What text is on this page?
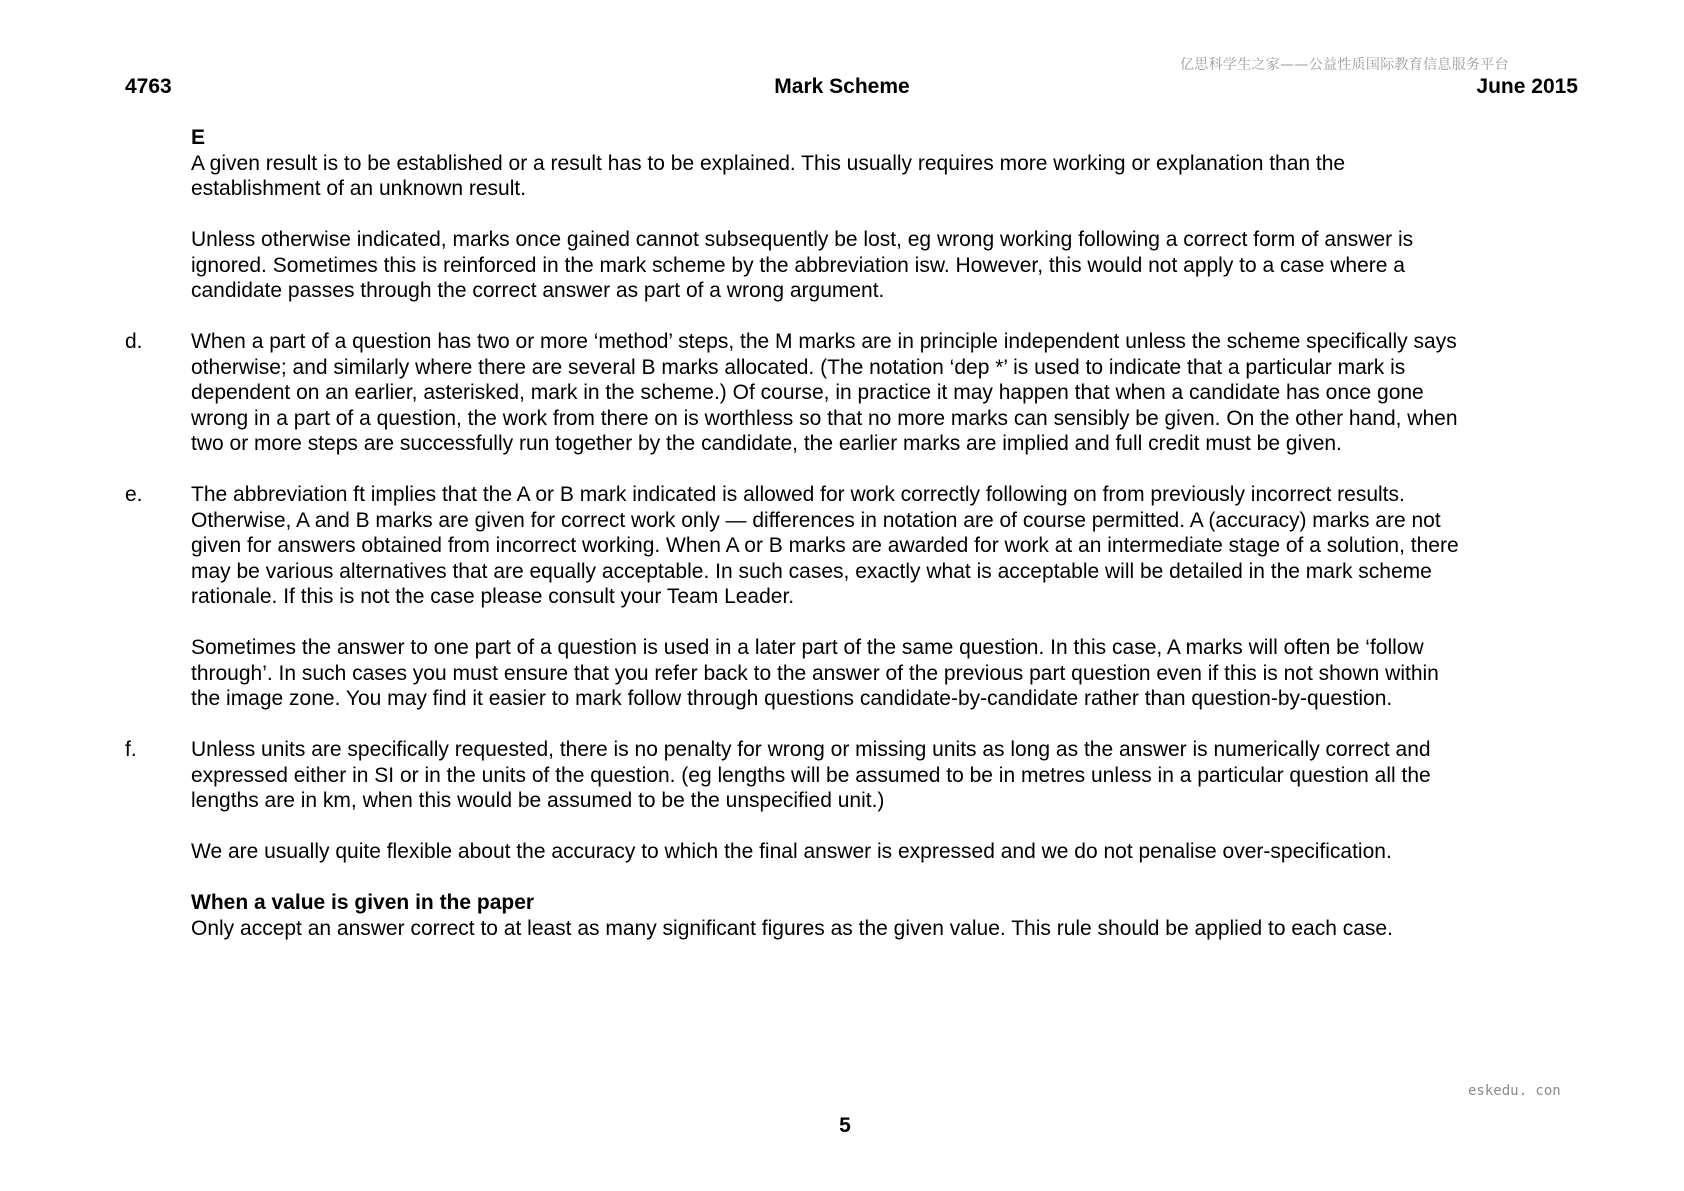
亿思科学生之家——公益性质国际教育信息服务平台
4763	Mark Scheme	June 2015
E
A given result is to be established or a result has to be explained. This usually requires more working or explanation than the establishment of an unknown result.
Unless otherwise indicated, marks once gained cannot subsequently be lost, eg wrong working following a correct form of answer is ignored. Sometimes this is reinforced in the mark scheme by the abbreviation isw. However, this would not apply to a case where a candidate passes through the correct answer as part of a wrong argument.
d.	When a part of a question has two or more ‘method’ steps, the M marks are in principle independent unless the scheme specifically says otherwise; and similarly where there are several B marks allocated. (The notation ‘dep *’ is used to indicate that a particular mark is dependent on an earlier, asterisked, mark in the scheme.) Of course, in practice it may happen that when a candidate has once gone wrong in a part of a question, the work from there on is worthless so that no more marks can sensibly be given. On the other hand, when two or more steps are successfully run together by the candidate, the earlier marks are implied and full credit must be given.
e.	The abbreviation ft implies that the A or B mark indicated is allowed for work correctly following on from previously incorrect results. Otherwise, A and B marks are given for correct work only — differences in notation are of course permitted. A (accuracy) marks are not given for answers obtained from incorrect working. When A or B marks are awarded for work at an intermediate stage of a solution, there may be various alternatives that are equally acceptable. In such cases, exactly what is acceptable will be detailed in the mark scheme rationale. If this is not the case please consult your Team Leader.
Sometimes the answer to one part of a question is used in a later part of the same question. In this case, A marks will often be ‘follow through’. In such cases you must ensure that you refer back to the answer of the previous part question even if this is not shown within the image zone. You may find it easier to mark follow through questions candidate-by-candidate rather than question-by-question.
f.	Unless units are specifically requested, there is no penalty for wrong or missing units as long as the answer is numerically correct and expressed either in SI or in the units of the question. (eg lengths will be assumed to be in metres unless in a particular question all the lengths are in km, when this would be assumed to be the unspecified unit.)
We are usually quite flexible about the accuracy to which the final answer is expressed and we do not penalise over-specification.
When a value is given in the paper
Only accept an answer correct to at least as many significant figures as the given value. This rule should be applied to each case.
eskedu. con
5
